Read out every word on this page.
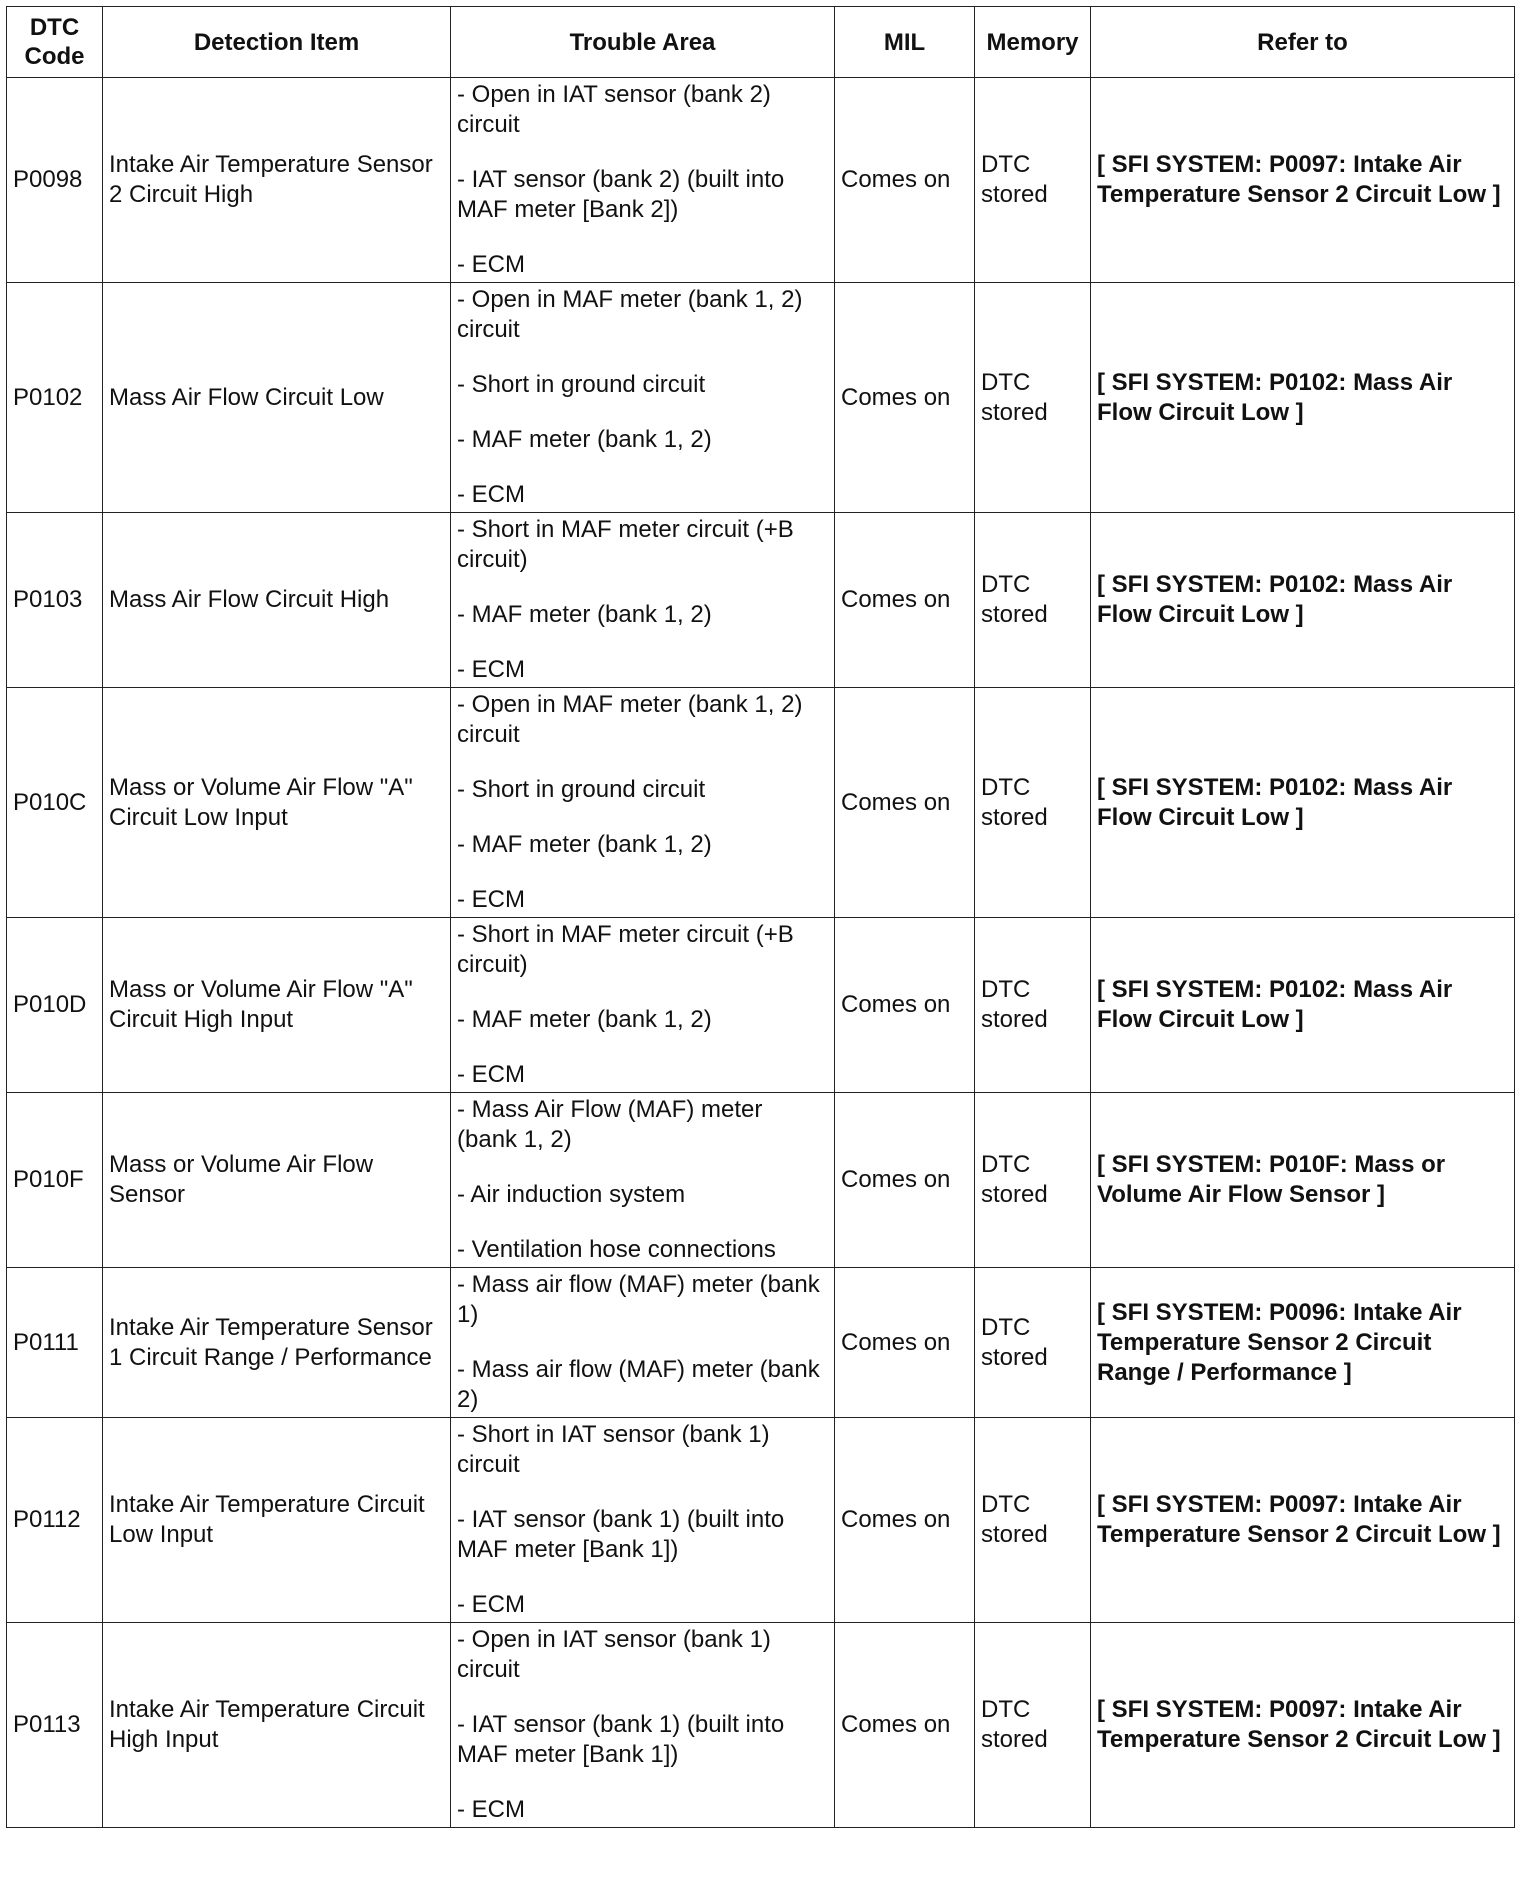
DTC Code	Detection Item	Trouble Area	MIL	Memory	Refer to
P0098	Intake Air Temperature Sensor 2 Circuit High	- Open in IAT sensor (bank 2) circuit

- IAT sensor (bank 2) (built into MAF meter [Bank 2])

- ECM	Comes on	DTC stored	[ SFI SYSTEM: P0097: Intake Air Temperature Sensor 2 Circuit Low ]
P0102	Mass Air Flow Circuit Low	- Open in MAF meter (bank 1, 2) circuit

- Short in ground circuit

- MAF meter (bank 1, 2)

- ECM	Comes on	DTC stored	[ SFI SYSTEM: P0102: Mass Air Flow Circuit Low ]
P0103	Mass Air Flow Circuit High	- Short in MAF meter circuit (+B circuit)

- MAF meter (bank 1, 2)

- ECM	Comes on	DTC stored	[ SFI SYSTEM: P0102: Mass Air Flow Circuit Low ]
P010C	Mass or Volume Air Flow "A" Circuit Low Input	- Open in MAF meter (bank 1, 2) circuit

- Short in ground circuit

- MAF meter (bank 1, 2)

- ECM	Comes on	DTC stored	[ SFI SYSTEM: P0102: Mass Air Flow Circuit Low ]
P010D	Mass or Volume Air Flow "A" Circuit High Input	- Short in MAF meter circuit (+B circuit)

- MAF meter (bank 1, 2)

- ECM	Comes on	DTC stored	[ SFI SYSTEM: P0102: Mass Air Flow Circuit Low ]
P010F	Mass or Volume Air Flow Sensor	- Mass Air Flow (MAF) meter (bank 1, 2)

- Air induction system

- Ventilation hose connections	Comes on	DTC stored	[ SFI SYSTEM: P010F: Mass or Volume Air Flow Sensor ]
P0111	Intake Air Temperature Sensor 1 Circuit Range / Performance	- Mass air flow (MAF) meter (bank 1)

- Mass air flow (MAF) meter (bank 2)	Comes on	DTC stored	[ SFI SYSTEM: P0096: Intake Air Temperature Sensor 2 Circuit Range / Performance ]
P0112	Intake Air Temperature Circuit Low Input	- Short in IAT sensor (bank 1) circuit

- IAT sensor (bank 1) (built into MAF meter [Bank 1])

- ECM	Comes on	DTC stored	[ SFI SYSTEM: P0097: Intake Air Temperature Sensor 2 Circuit Low ]
P0113	Intake Air Temperature Circuit High Input	- Open in IAT sensor (bank 1) circuit

- IAT sensor (bank 1) (built into MAF meter [Bank 1])

- ECM	Comes on	DTC stored	[ SFI SYSTEM: P0097: Intake Air Temperature Sensor 2 Circuit Low ]
